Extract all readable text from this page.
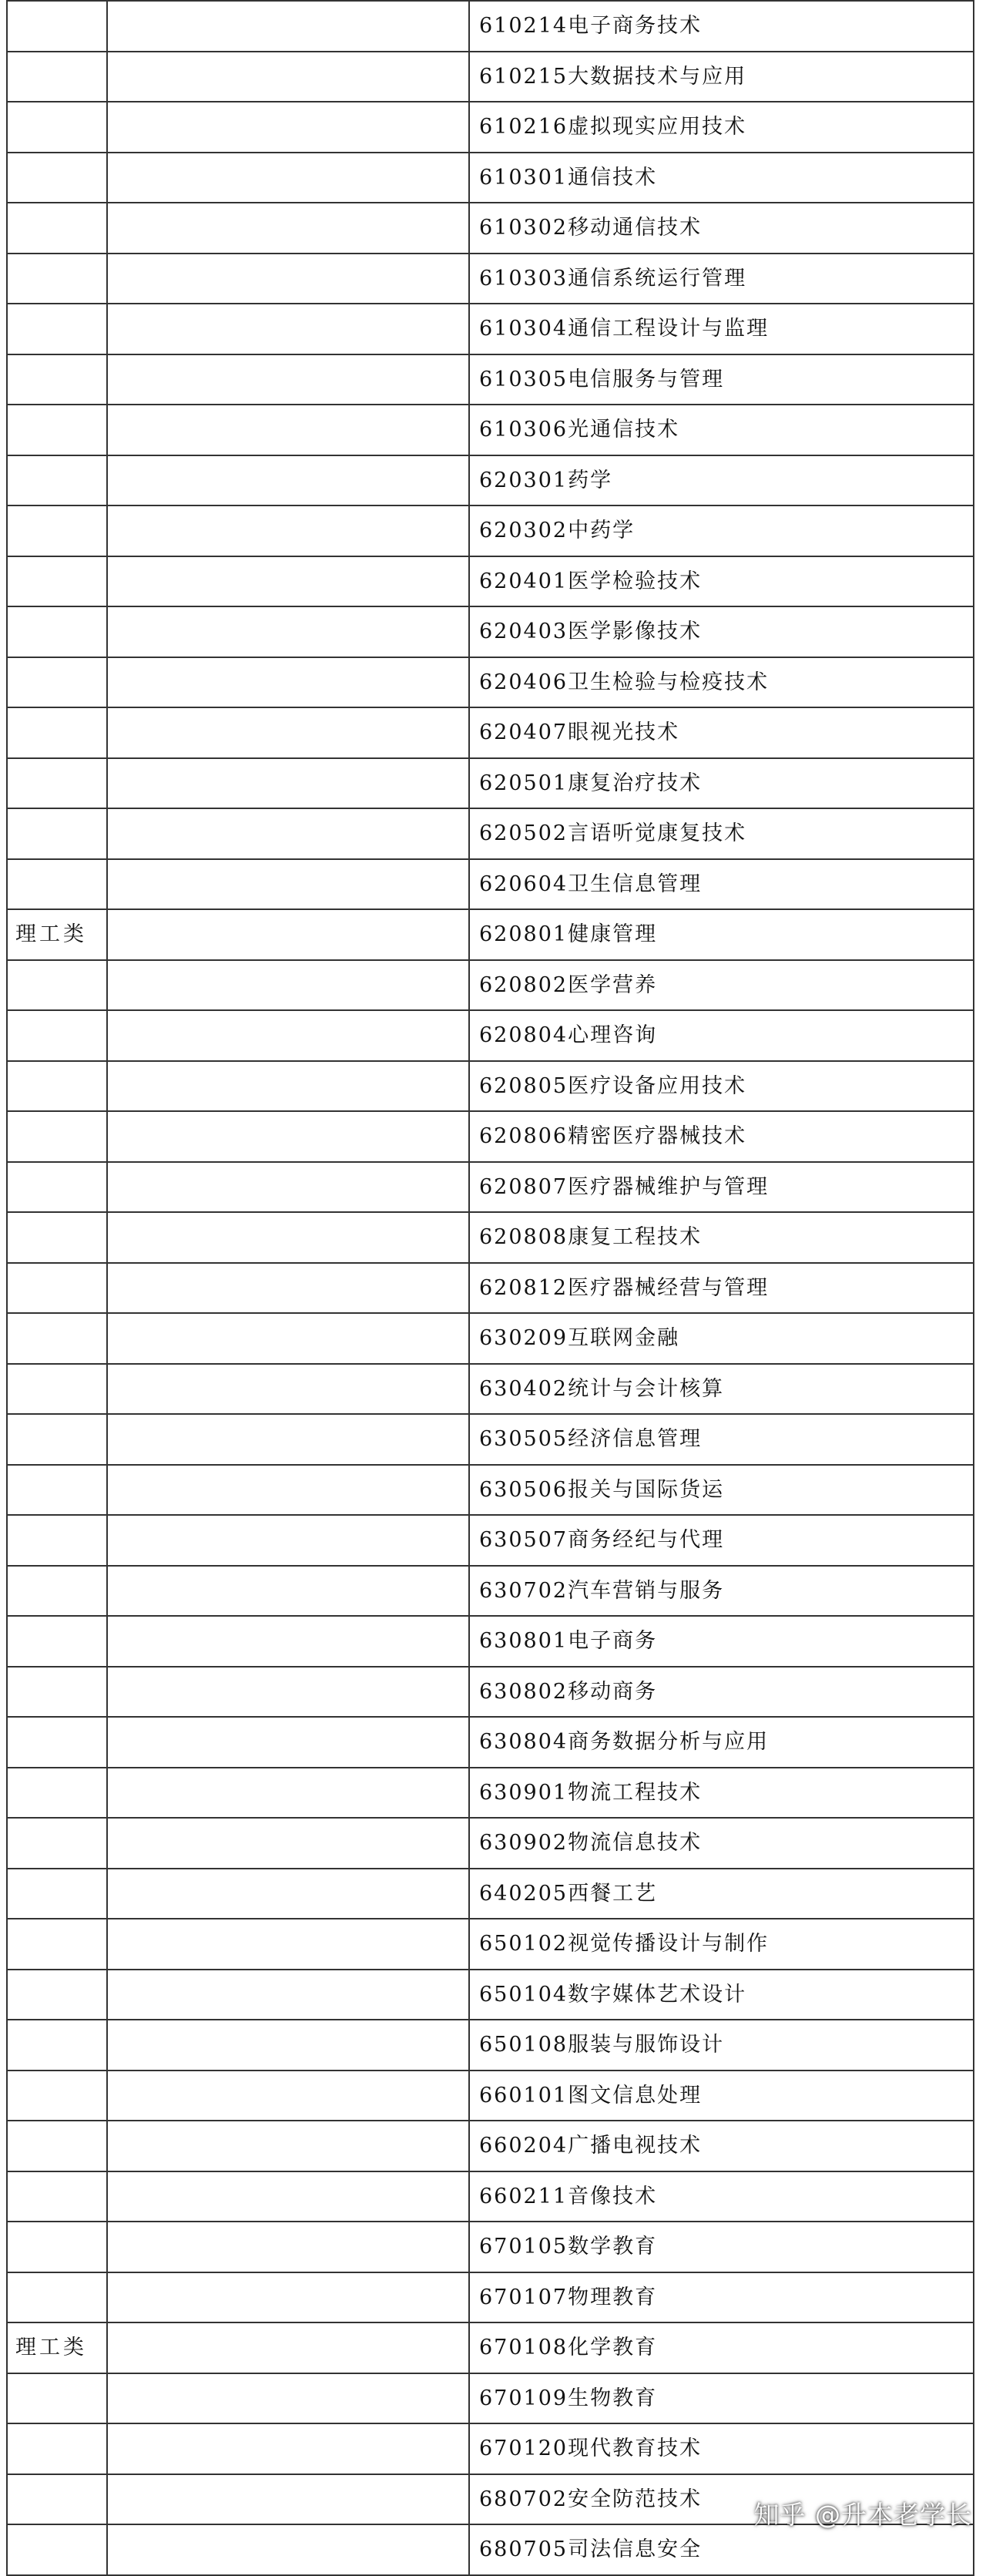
		610214电子商务技术
		610215大数据技术与应用
		610216虚拟现实应用技术
		610301通信技术
		610302移动通信技术
		610303通信系统运行管理
		610304通信工程设计与监理
		610305电信服务与管理
		610306光通信技术
		620301药学
		620302中药学
		620401医学检验技术
		620403医学影像技术
		620406卫生检验与检疫技术
		620407眼视光技术
		620501康复治疗技术
		620502言语听觉康复技术
		620604卫生信息管理
理工类		620801健康管理
		620802医学营养
		620804心理咨询
		620805医疗设备应用技术
		620806精密医疗器械技术
		620807医疗器械维护与管理
		620808康复工程技术
		620812医疗器械经营与管理
		630209互联网金融
		630402统计与会计核算
		630505经济信息管理
		630506报关与国际货运
		630507商务经纪与代理
		630702汽车营销与服务
		630801电子商务
		630802移动商务
		630804商务数据分析与应用
		630901物流工程技术
		630902物流信息技术
		640205西餐工艺
		650102视觉传播设计与制作
		650104数字媒体艺术设计
		650108服装与服饰设计
		660101图文信息处理
		660204广播电视技术
		660211音像技术
		670105数学教育
		670107物理教育
理工类		670108化学教育
		670109生物教育
		670120现代教育技术
		680702安全防范技术
		680705司法信息安全
知乎 @升本老学长
